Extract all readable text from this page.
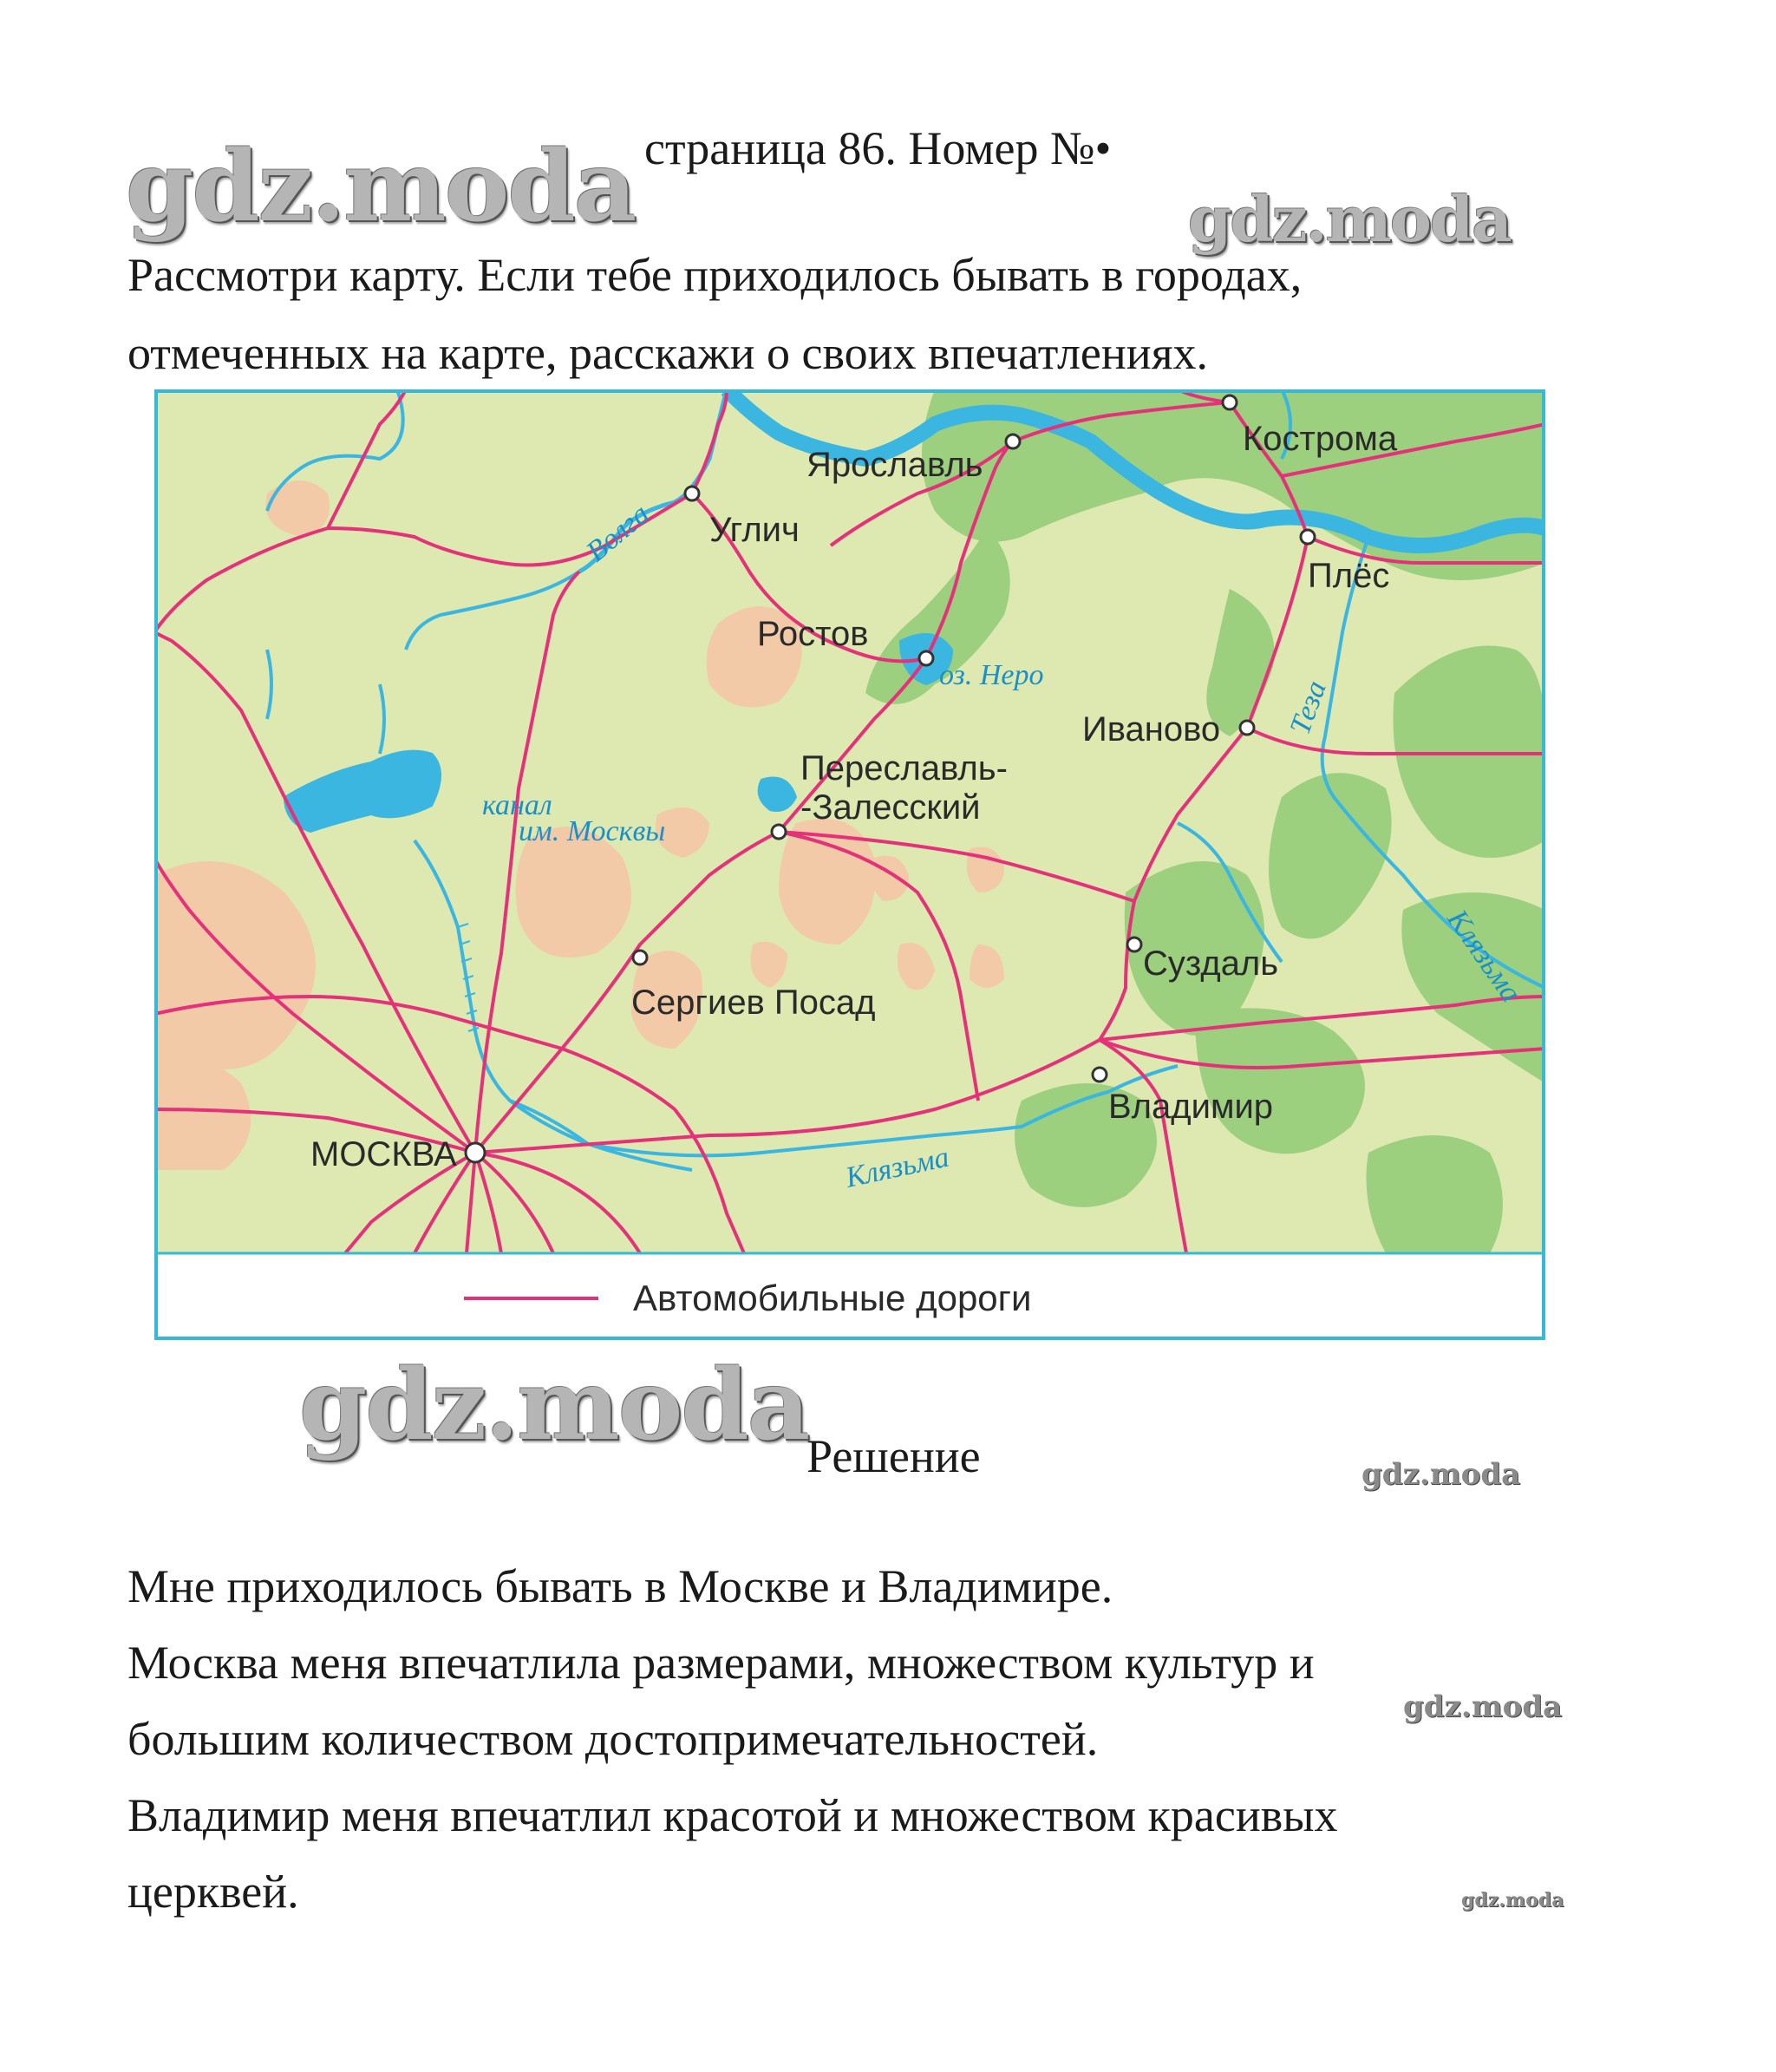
gdz.moda	gdz.moda
gdz.moda
gdz.moda
gdz.moda
gdz.moda
страница 86. Номер №•
Рассмотри карту. Если тебе приходилось бывать в городах,
отмеченных на карте, расскажи о своих впечатлениях.
Кострома
Ярославль
Углич
Плёс
Ростов
Иваново
Переславль-
-Залесский
Сергиев Посад
Суздаль
Владимир
МОСКВА
Волга
оз. Неро
канал
им. Москвы
Теза
Клязьма
Клязьма
Автомобильные дороги
Решение

Мне приходилось бывать в Москве и Владимире.

Москва меня впечатлила размерами, множеством культур и

большим количеством достопримечательностей.

Владимир меня впечатлил красотой и множеством красивых

церквей.
